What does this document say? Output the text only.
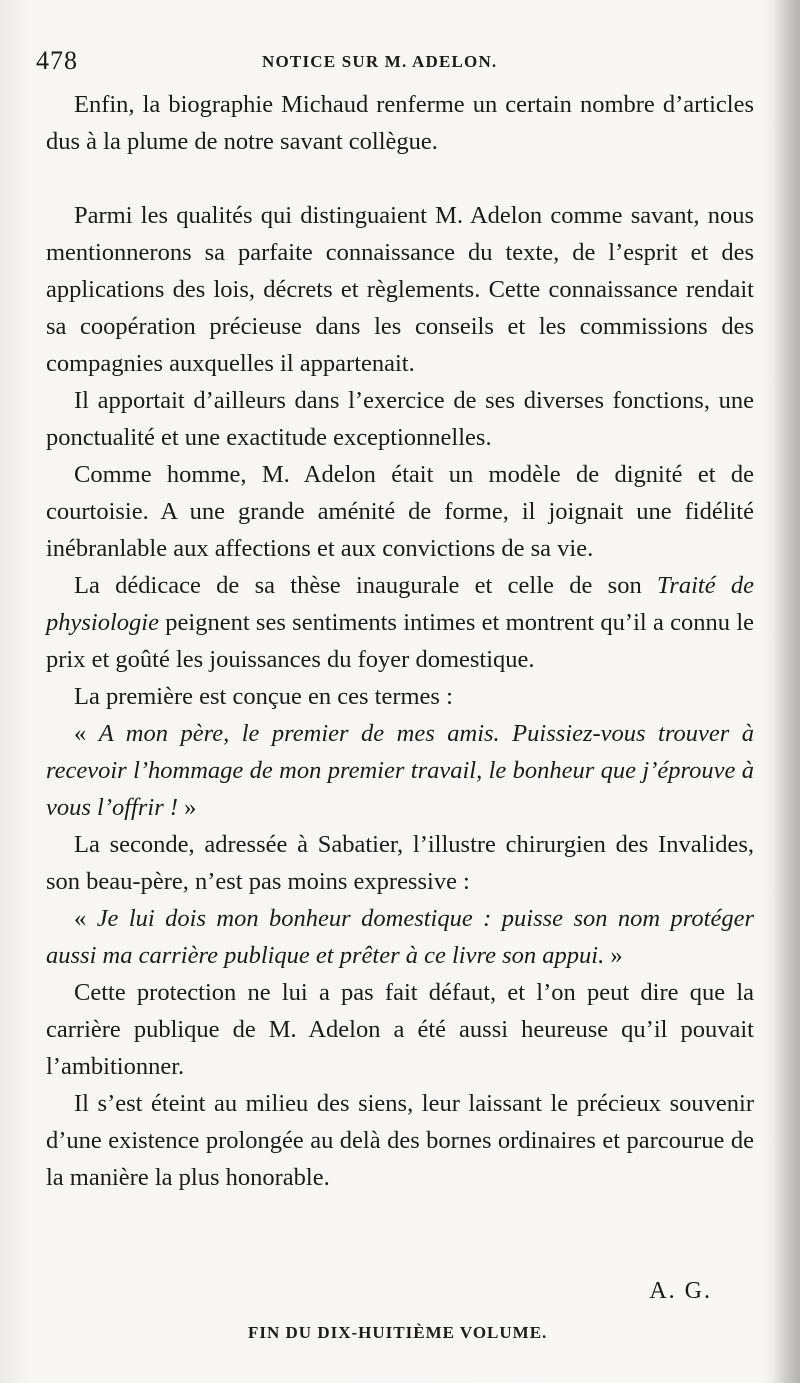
478	NOTICE SUR M. ADELON.

Enfin, la biographie Michaud renferme un certain nombre d’articles dus à la plume de notre savant collègue.

Parmi les qualités qui distinguaient M. Adelon comme savant, nous mentionnerons sa parfaite connaissance du texte, de l’esprit et des applications des lois, décrets et règlements. Cette connaissance rendait sa coopération précieuse dans les conseils et les commissions des compagnies auxquelles il appartenait.

Il apportait d’ailleurs dans l’exercice de ses diverses fonctions, une ponctualité et une exactitude exceptionnelles.

Comme homme, M. Adelon était un modèle de dignité et de courtoisie. A une grande aménité de forme, il joignait une fidélité inébranlable aux affections et aux convictions de sa vie.

La dédicace de sa thèse inaugurale et celle de son Traité de physiologie peignent ses sentiments intimes et montrent qu’il a connu le prix et goûté les jouissances du foyer domestique.

La première est conçue en ces termes :

« A mon père, le premier de mes amis. Puissiez-vous trouver à recevoir l’hommage de mon premier travail, le bonheur que j’éprouve à vous l’offrir ! »

La seconde, adressée à Sabatier, l’illustre chirurgien des Invalides, son beau-père, n’est pas moins expressive :

« Je lui dois mon bonheur domestique : puisse son nom protéger aussi ma carrière publique et prêter à ce livre son appui. »

Cette protection ne lui a pas fait défaut, et l’on peut dire que la carrière publique de M. Adelon a été aussi heureuse qu’il pouvait l’ambitionner.

Il s’est éteint au milieu des siens, leur laissant le précieux souvenir d’une existence prolongée au delà des bornes ordinaires et parcourue de la manière la plus honorable.

A. G.
FIN DU DIX-HUITIÈME VOLUME.
